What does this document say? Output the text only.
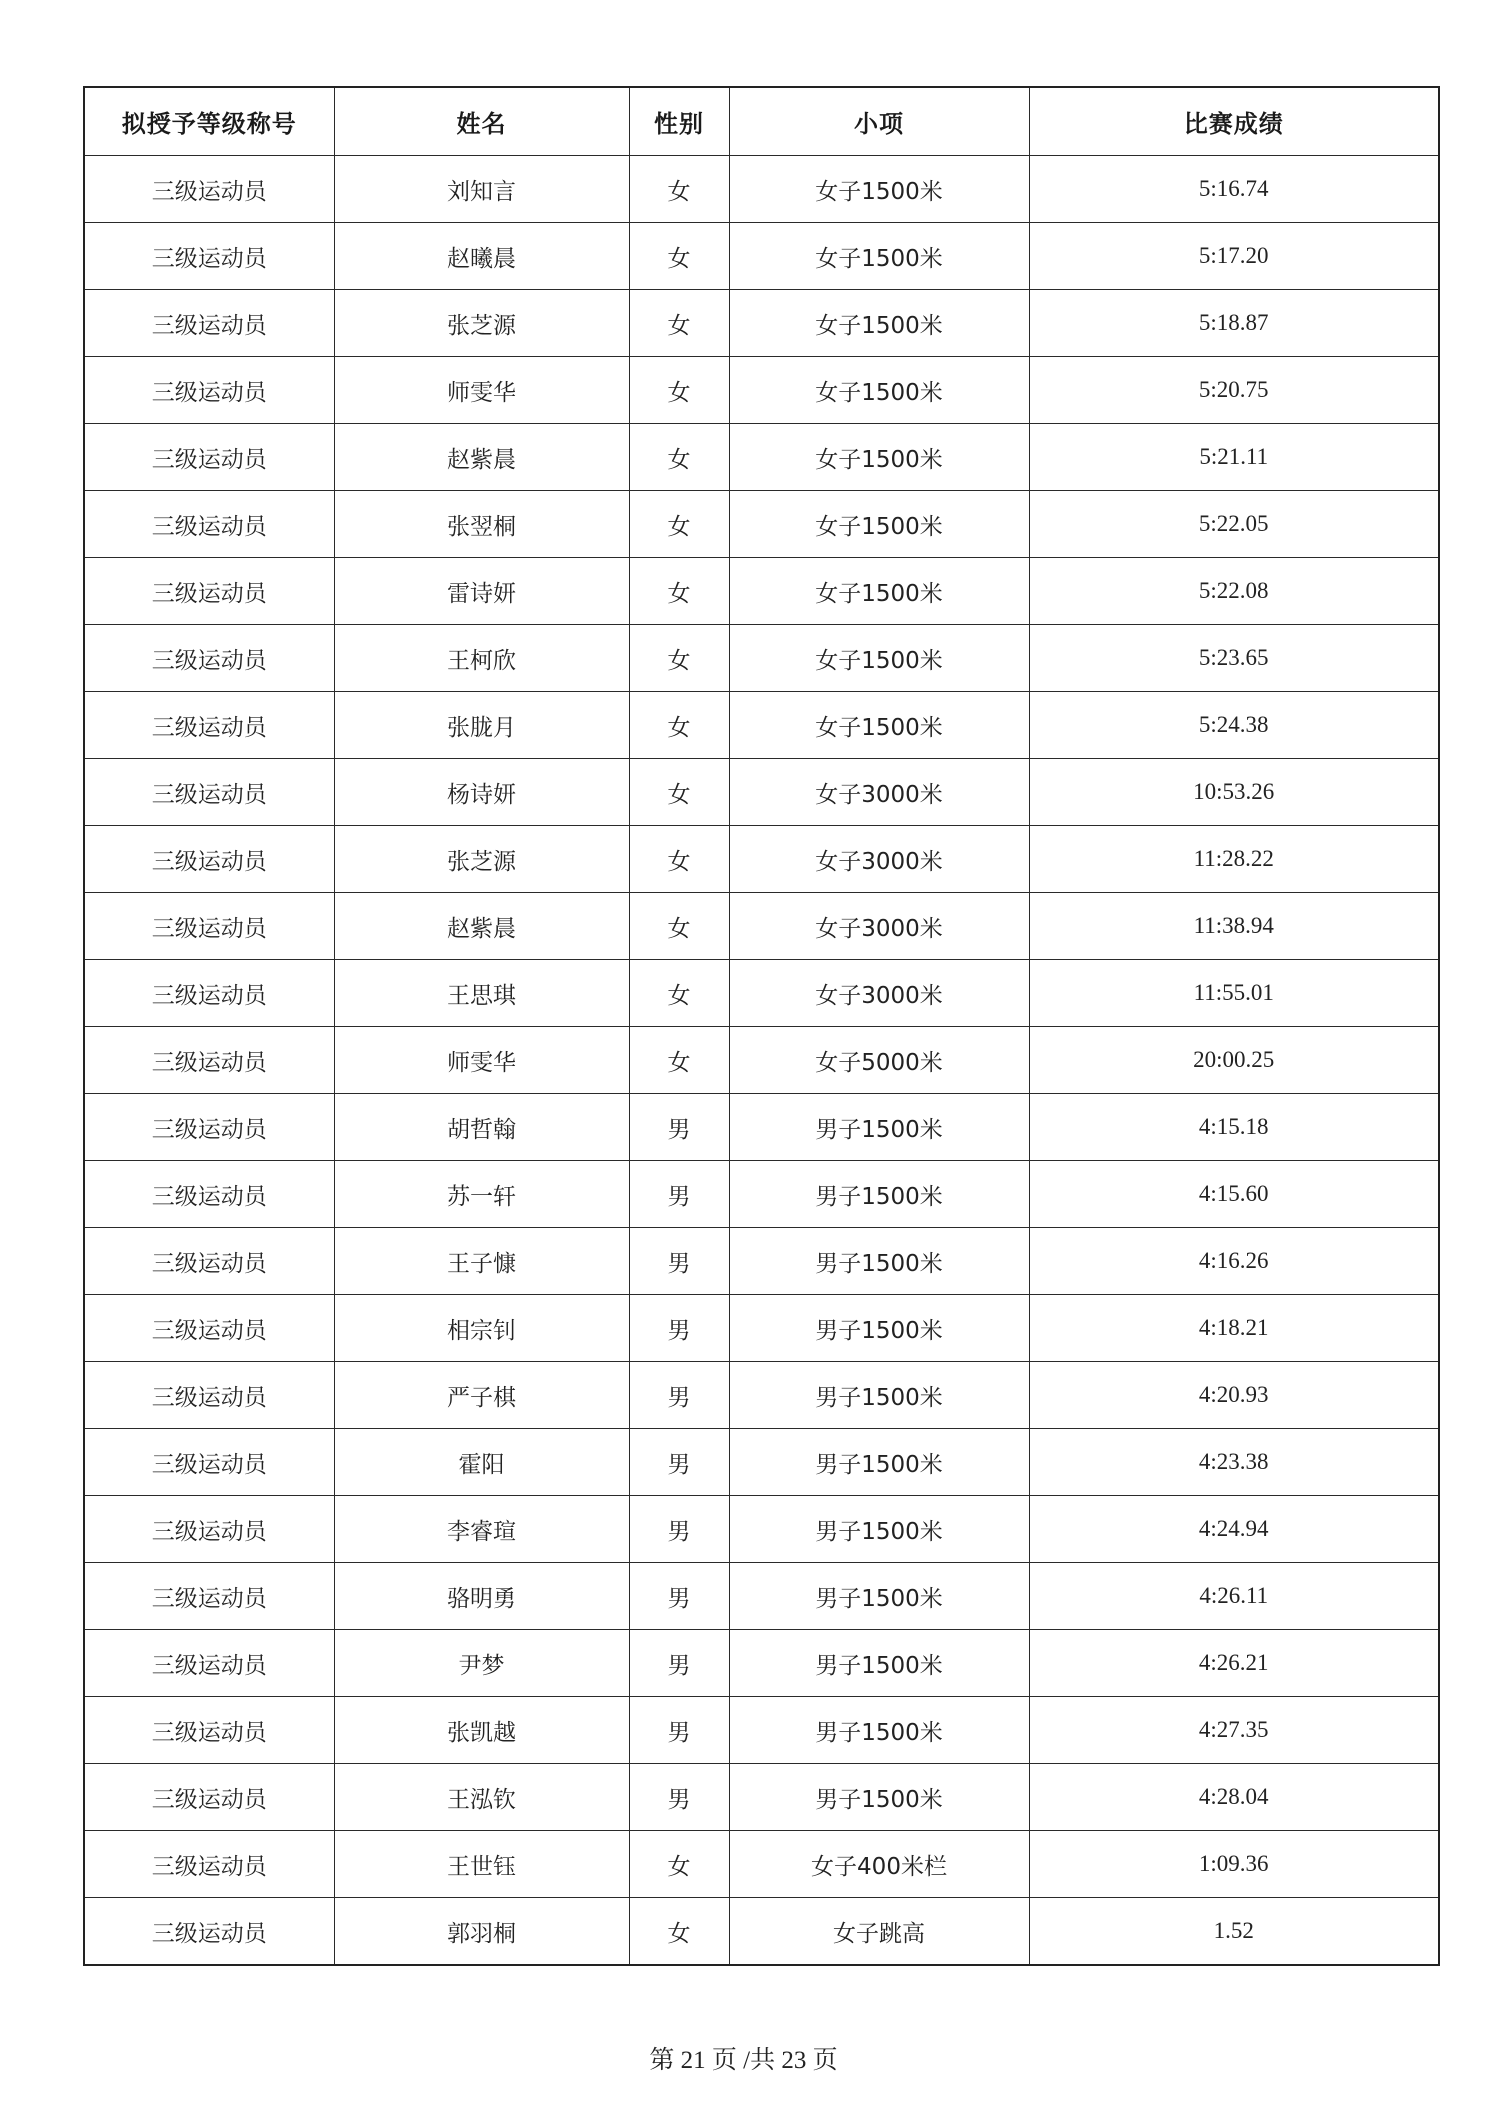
拟授予等级称号	姓名	性别	小项	比赛成绩
三级运动员	刘知言	女	女子1500米	5:16.74
三级运动员	赵曦晨	女	女子1500米	5:17.20
三级运动员	张芝源	女	女子1500米	5:18.87
三级运动员	师雯华	女	女子1500米	5:20.75
三级运动员	赵紫晨	女	女子1500米	5:21.11
三级运动员	张翌桐	女	女子1500米	5:22.05
三级运动员	雷诗妍	女	女子1500米	5:22.08
三级运动员	王柯欣	女	女子1500米	5:23.65
三级运动员	张胧月	女	女子1500米	5:24.38
三级运动员	杨诗妍	女	女子3000米	10:53.26
三级运动员	张芝源	女	女子3000米	11:28.22
三级运动员	赵紫晨	女	女子3000米	11:38.94
三级运动员	王思琪	女	女子3000米	11:55.01
三级运动员	师雯华	女	女子5000米	20:00.25
三级运动员	胡哲翰	男	男子1500米	4:15.18
三级运动员	苏一轩	男	男子1500米	4:15.60
三级运动员	王子慷	男	男子1500米	4:16.26
三级运动员	相宗钊	男	男子1500米	4:18.21
三级运动员	严子棋	男	男子1500米	4:20.93
三级运动员	霍阳	男	男子1500米	4:23.38
三级运动员	李睿瑄	男	男子1500米	4:24.94
三级运动员	骆明勇	男	男子1500米	4:26.11
三级运动员	尹梦	男	男子1500米	4:26.21
三级运动员	张凯越	男	男子1500米	4:27.35
三级运动员	王泓钦	男	男子1500米	4:28.04
三级运动员	王世钰	女	女子400米栏	1:09.36
三级运动员	郭羽桐	女	女子跳高	1.52
第 21 页 /共 23 页
